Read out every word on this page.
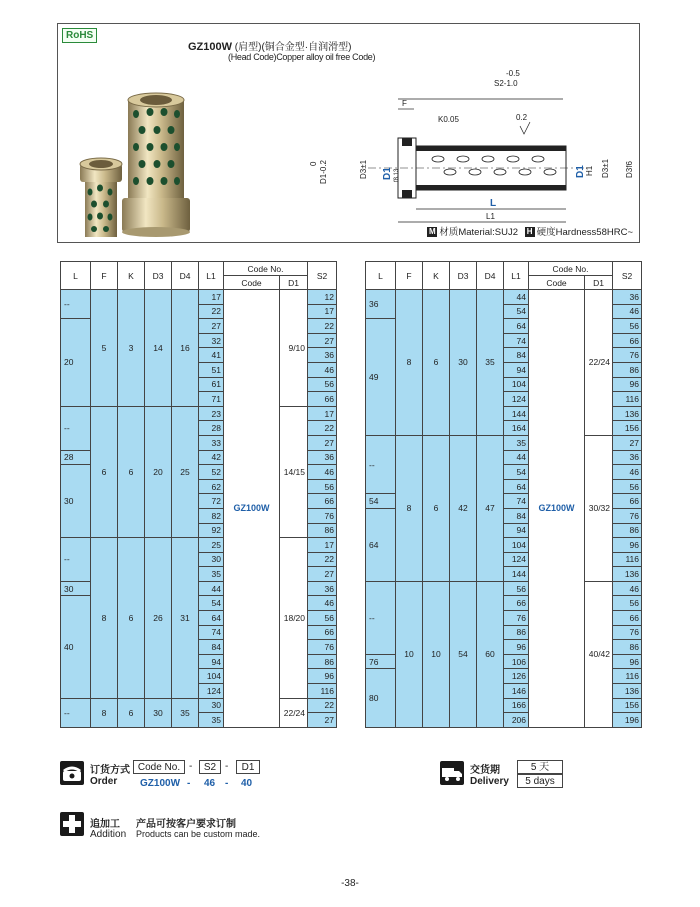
RoHS
GZ100W (肩型)(铜合金型·自润滑型)
(Head Code)Copper alloy oil free Code)
-0.5
S2-1.0
F
K0.05	0.2
0 D1-0.2	D3±1 D1 f8.13	D1 H1 D3±1 D3f6
L
L1
M 材质Material:SUJ2 H 硬度Hardness58HRC~
L	F	K	D3	D4	L1	Code No.		S2
						Code	D1	
--	5	3	14	16	17	GZ100W	9/10	12
					22			17
20					27			22
					32			27
					41			36
					51			46
					61			56
					71			66
--	6	6	20	25	23		14/15	17
					28			22
					33			27
28					42			36
30					52			46
					62			56
					72			66
					82			76
					92			86
--	8	6	26	31	25		18/20	17
					30			22
					35			27
30					44			36
40					54			46
					64			56
					74			66
					84			76
					94			86
					104			96
					124			116
--	8	6	30	35	30		22/24	22
					35			27
L	F	K	D3	D4	L1	Code No.		S2
						Code	D1	
36	8	6	30	35	44	GZ100W	22/24	36
					54			46
49					64			56
					74			66
					84			76
					94			86
					104			96
					124			116
					144			136
					164			156
--	8	6	42	47	35		30/32	27
					44			36
					54			46
					64			56
54					74			66
64					84			76
					94			86
					104			96
					124			116
					144			136
--	10	10	54	60	56		40/42	46
					66			56
					76			66
					86			76
					96			86
76					106			96
80					126			116
					146			136
					166			156
					206			196
订货方式
Order
Code No. -	S2 -	D1
GZ100W - 46 - 40
交货期
Delivery
5 天
5 days
追加工 产品可按客户要求订制
Addition Products can be custom made.
-38-
